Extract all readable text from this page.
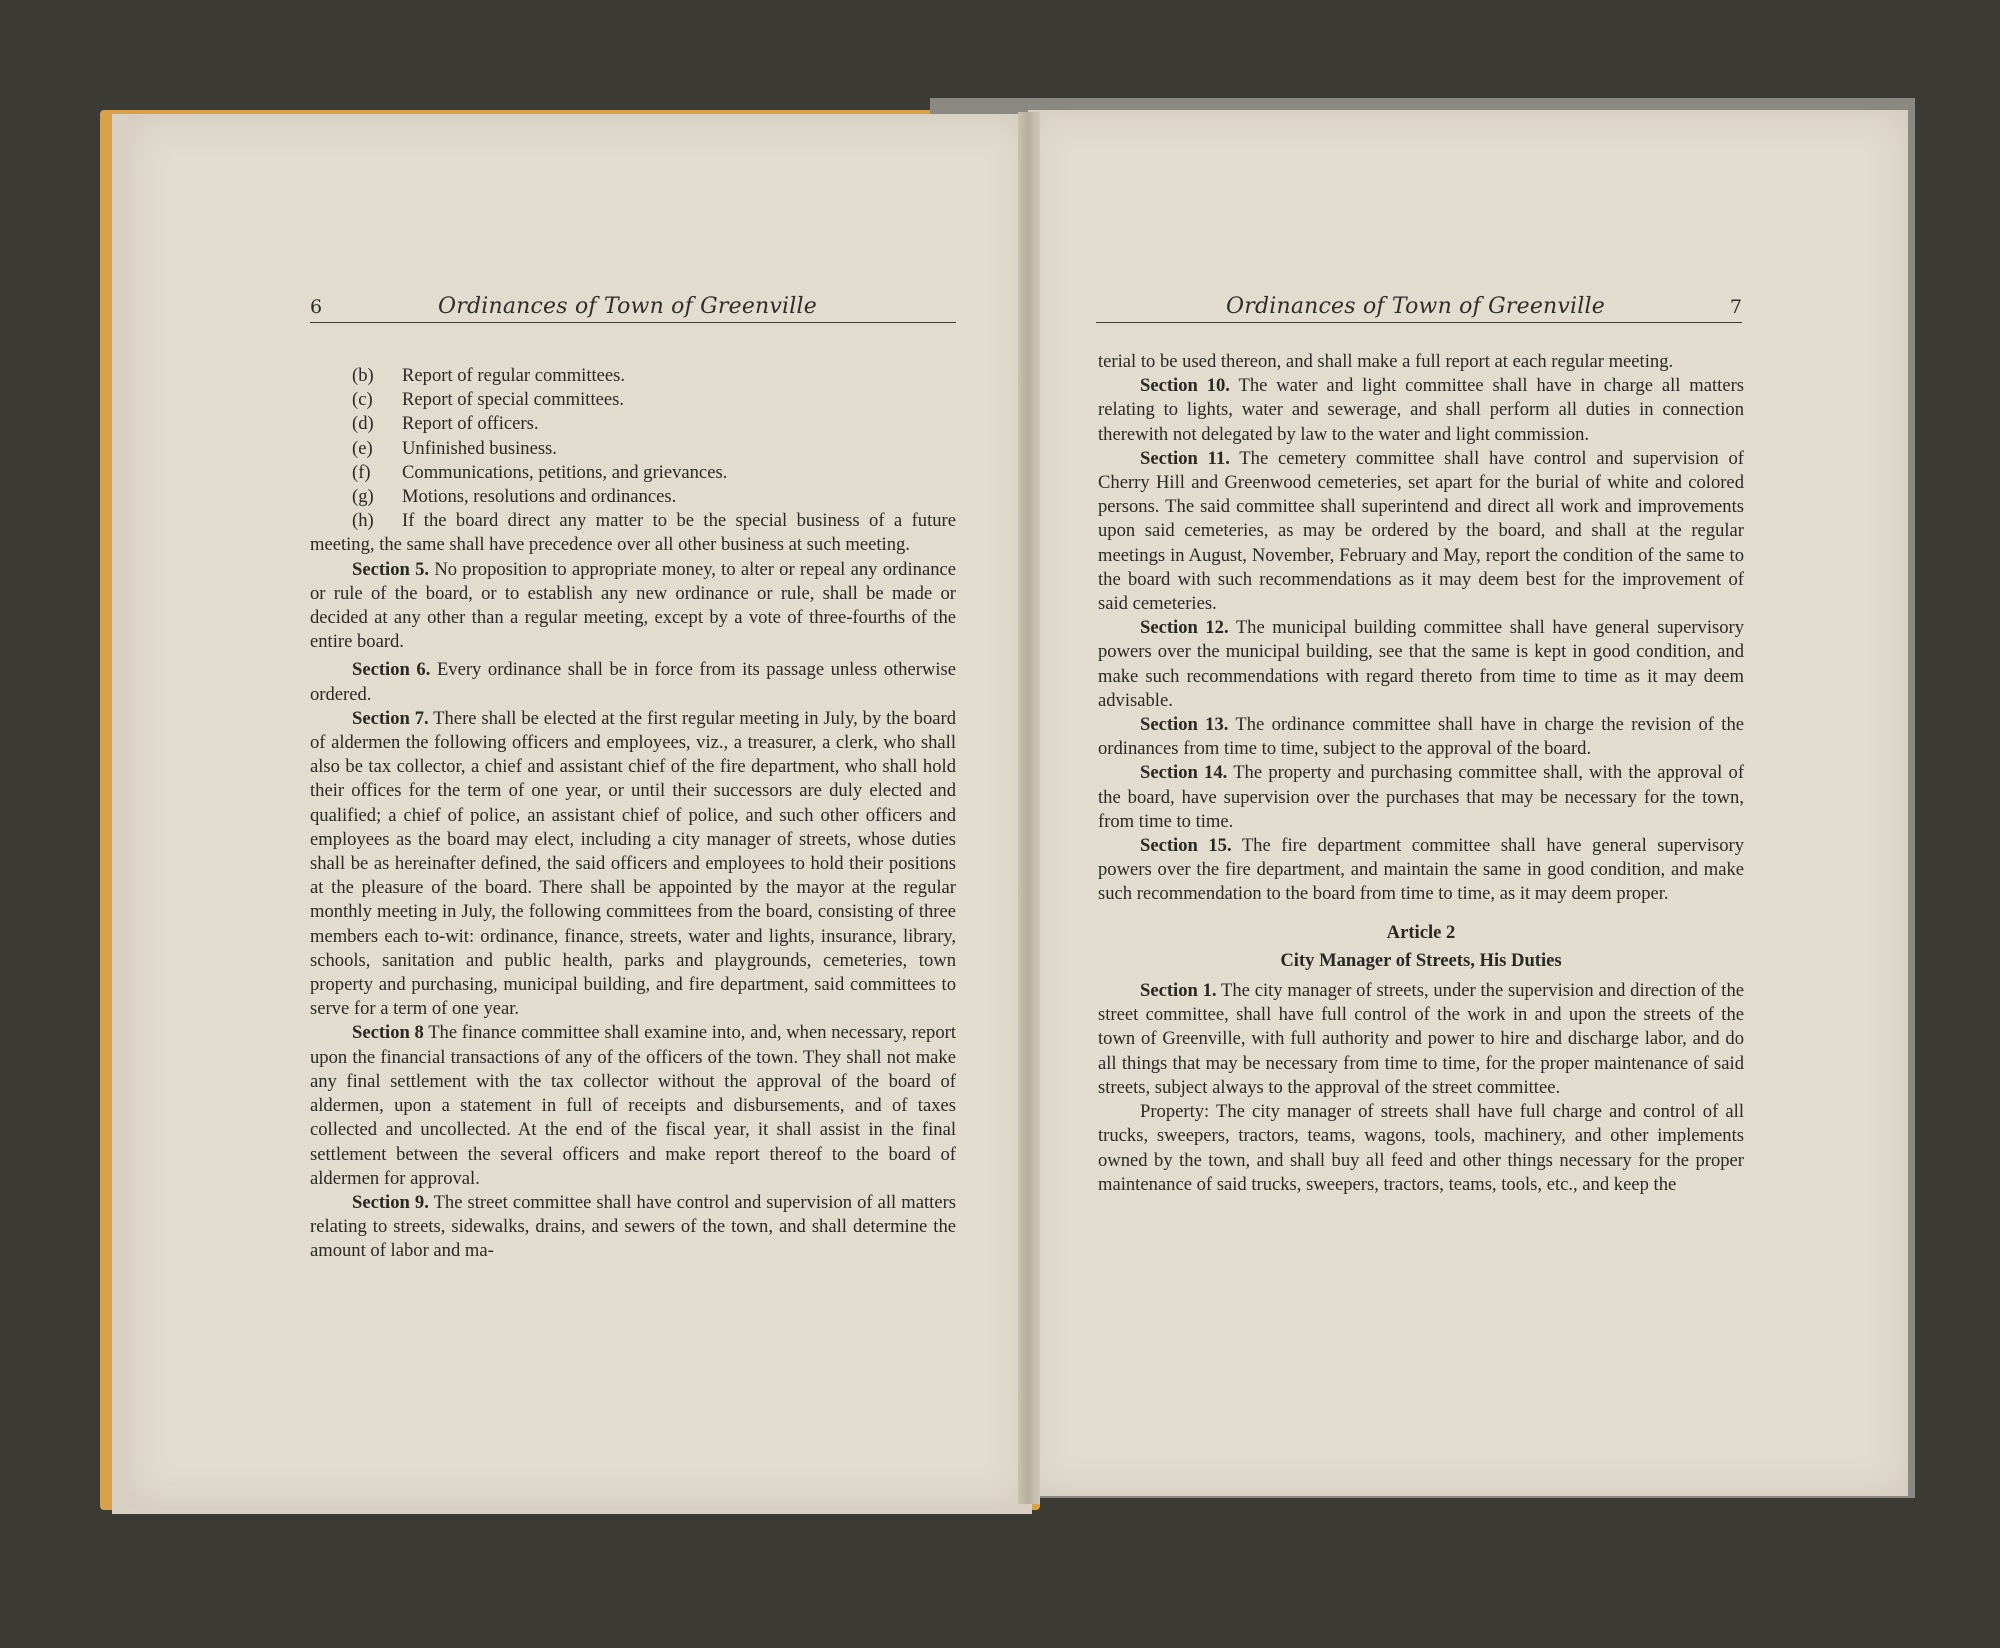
6	Ordinances of Town of Greenville

(b) Report of regular committees.

(c) Report of special committees.

(d) Report of officers.

(e) Unfinished business.

(f) Communications, petitions, and grievances.

(g) Motions, resolutions and ordinances.

(h) If the board direct any matter to be the special business of a future meeting, the same shall have precedence over all other business at such meeting.

Section 5. No proposition to appropriate money, to alter or repeal any ordinance or rule of the board, or to establish any new ordinance or rule, shall be made or decided at any other than a regular meeting, except by a vote of three-fourths of the entire board.

Section 6. Every ordinance shall be in force from its passage unless otherwise ordered.

Section 7. There shall be elected at the first regular meeting in July, by the board of aldermen the following officers and employees, viz., a treasurer, a clerk, who shall also be tax collector, a chief and assistant chief of the fire department, who shall hold their offices for the term of one year, or until their successors are duly elected and qualified; a chief of police, an assistant chief of police, and such other officers and employees as the board may elect, including a city manager of streets, whose duties shall be as hereinafter defined, the said officers and employees to hold their positions at the pleasure of the board. There shall be appointed by the mayor at the regular monthly meeting in July, the following committees from the board, consisting of three members each to-wit: ordinance, finance, streets, water and lights, insurance, library, schools, sanitation and public health, parks and playgrounds, cemeteries, town property and purchasing, municipal building, and fire department, said committees to serve for a term of one year.

Section 8 The finance committee shall examine into, and, when necessary, report upon the financial transactions of any of the officers of the town. They shall not make any final settlement with the tax collector without the approval of the board of aldermen, upon a statement in full of receipts and disbursements, and of taxes collected and uncollected. At the end of the fiscal year, it shall assist in the final settlement between the several officers and make report thereof to the board of aldermen for approval.

Section 9. The street committee shall have control and supervision of all matters relating to streets, sidewalks, drains, and sewers of the town, and shall determine the amount of labor and ma-

Ordinances of Town of Greenville	7

terial to be used thereon, and shall make a full report at each regular meeting.

Section 10. The water and light committee shall have in charge all matters relating to lights, water and sewerage, and shall perform all duties in connection therewith not delegated by law to the water and light commission.

Section 11. The cemetery committee shall have control and supervision of Cherry Hill and Greenwood cemeteries, set apart for the burial of white and colored persons. The said committee shall superintend and direct all work and improvements upon said cemeteries, as may be ordered by the board, and shall at the regular meetings in August, November, February and May, report the condition of the same to the board with such recommendations as it may deem best for the improvement of said cemeteries.

Section 12. The municipal building committee shall have general supervisory powers over the municipal building, see that the same is kept in good condition, and make such recommendations with regard thereto from time to time as it may deem advisable.

Section 13. The ordinance committee shall have in charge the revision of the ordinances from time to time, subject to the approval of the board.

Section 14. The property and purchasing committee shall, with the approval of the board, have supervision over the purchases that may be necessary for the town, from time to time.

Section 15. The fire department committee shall have general supervisory powers over the fire department, and maintain the same in good condition, and make such recommendation to the board from time to time, as it may deem proper.

Article 2

City Manager of Streets, His Duties

Section 1. The city manager of streets, under the supervision and direction of the street committee, shall have full control of the work in and upon the streets of the town of Greenville, with full authority and power to hire and discharge labor, and do all things that may be necessary from time to time, for the proper maintenance of said streets, subject always to the approval of the street committee.

Property: The city manager of streets shall have full charge and control of all trucks, sweepers, tractors, teams, wagons, tools, machinery, and other implements owned by the town, and shall buy all feed and other things necessary for the proper maintenance of said trucks, sweepers, tractors, teams, tools, etc., and keep the
